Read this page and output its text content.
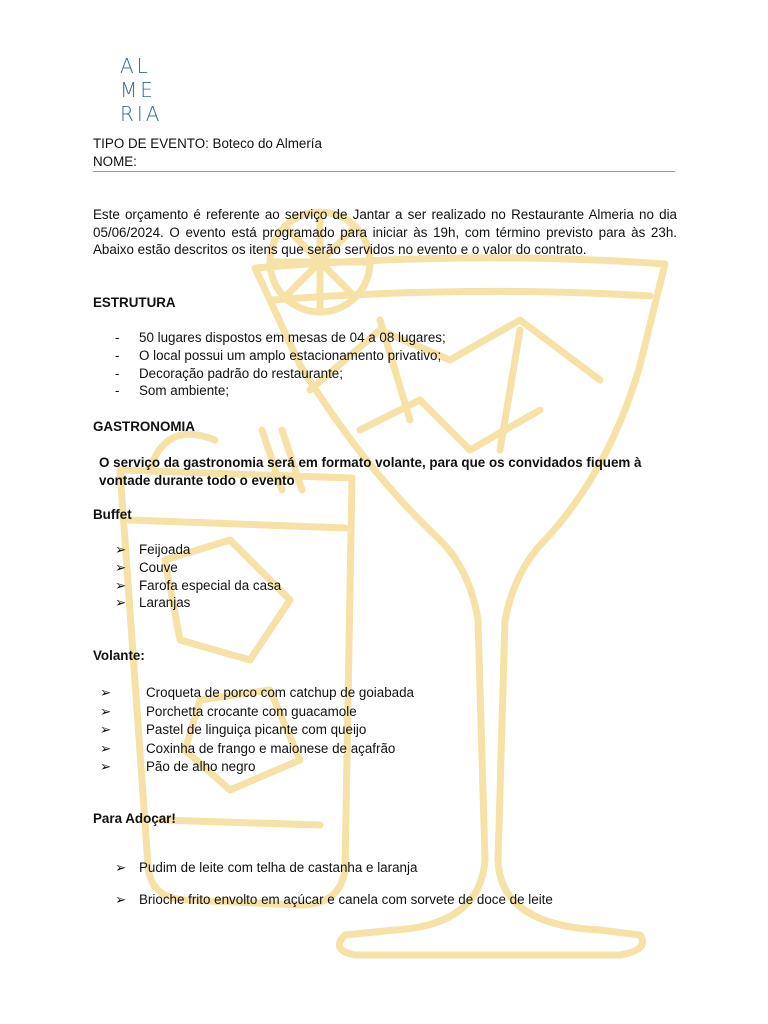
AL
ME
RIA
TIPO DE EVENTO: Boteco do Almería
NOME:
Este orçamento é referente ao serviço de Jantar a ser realizado no Restaurante Almeria no dia 05/06/2024. O evento está programado para iniciar às 19h, com término previsto para às 23h. Abaixo estão descritos os itens que serão servidos no evento e o valor do contrato.
ESTRUTURA
- 50 lugares dispostos em mesas de 04 a 08 lugares;
- O local possui um amplo estacionamento privativo;
- Decoração padrão do restaurante;
- Som ambiente;
GASTRONOMIA
O serviço da gastronomia será em formato volante, para que os convidados fiquem à vontade durante todo o evento
Buffet
➢ Feijoada
➢ Couve
➢ Farofa especial da casa
➢ Laranjas
Volante:
➢	Croqueta de porco com catchup de goiabada
➢	Porchetta crocante com guacamole
➢	Pastel de linguiça picante com queijo
➢	Coxinha de frango e maionese de açafrão
➢	Pão de alho negro
Para Adoçar!
➢ Pudim de leite com telha de castanha e laranja
➢ Brioche frito envolto em açúcar e canela com sorvete de doce de leite
